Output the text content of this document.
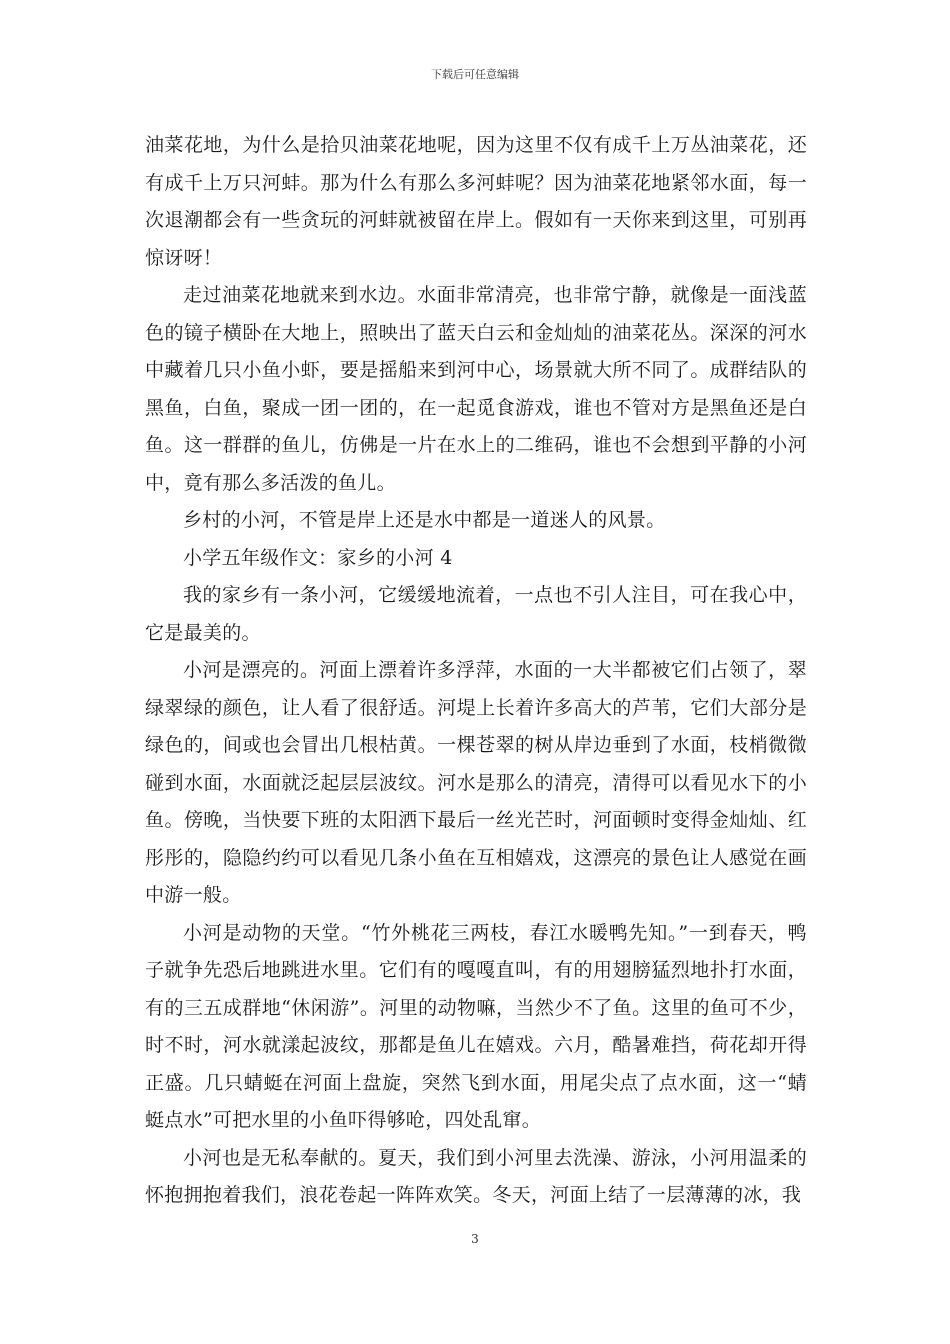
下载后可任意编辑

油菜花地，为什么是拾贝油菜花地呢，因为这里不仅有成千上万丛油菜花，还有成千上万只河蚌。那为什么有那么多河蚌呢？因为油菜花地紧邻水面，每一次退潮都会有一些贪玩的河蚌就被留在岸上。假如有一天你来到这里，可别再惊讶呀！

走过油菜花地就来到水边。水面非常清亮，也非常宁静，就像是一面浅蓝色的镜子横卧在大地上，照映出了蓝天白云和金灿灿的油菜花丛。深深的河水中藏着几只小鱼小虾，要是摇船来到河中心，场景就大所不同了。成群结队的黑鱼，白鱼，聚成一团一团的，在一起觅食游戏，谁也不管对方是黑鱼还是白鱼。这一群群的鱼儿，仿佛是一片在水上的二维码，谁也不会想到平静的小河中，竟有那么多活泼的鱼儿。

乡村的小河，不管是岸上还是水中都是一道迷人的风景。

小学五年级作文：家乡的小河 4

我的家乡有一条小河，它缓缓地流着，一点也不引人注目，可在我心中，它是最美的。

小河是漂亮的。河面上漂着许多浮萍，水面的一大半都被它们占领了，翠绿翠绿的颜色，让人看了很舒适。河堤上长着许多高大的芦苇，它们大部分是绿色的，间或也会冒出几根枯黄。一棵苍翠的树从岸边垂到了水面，枝梢微微碰到水面，水面就泛起层层波纹。河水是那么的清亮，清得可以看见水下的小鱼。傍晚，当快要下班的太阳洒下最后一丝光芒时，河面顿时变得金灿灿、红彤彤的，隐隐约约可以看见几条小鱼在互相嬉戏，这漂亮的景色让人感觉在画中游一般。

小河是动物的天堂。“竹外桃花三两枝，春江水暖鸭先知。”一到春天，鸭子就争先恐后地跳进水里。它们有的嘎嘎直叫，有的用翅膀猛烈地扑打水面，有的三五成群地“休闲游”。河里的动物嘛，当然少不了鱼。这里的鱼可不少，时不时，河水就漾起波纹，那都是鱼儿在嬉戏。六月，酷暑难挡，荷花却开得正盛。几只蜻蜓在河面上盘旋，突然飞到水面，用尾尖点了点水面，这一“蜻蜓点水”可把水里的小鱼吓得够呛，四处乱窜。

小河也是无私奉献的。夏天，我们到小河里去洗澡、游泳，小河用温柔的怀抱拥抱着我们，浪花卷起一阵阵欢笑。冬天，河面上结了一层薄薄的冰，我

3
